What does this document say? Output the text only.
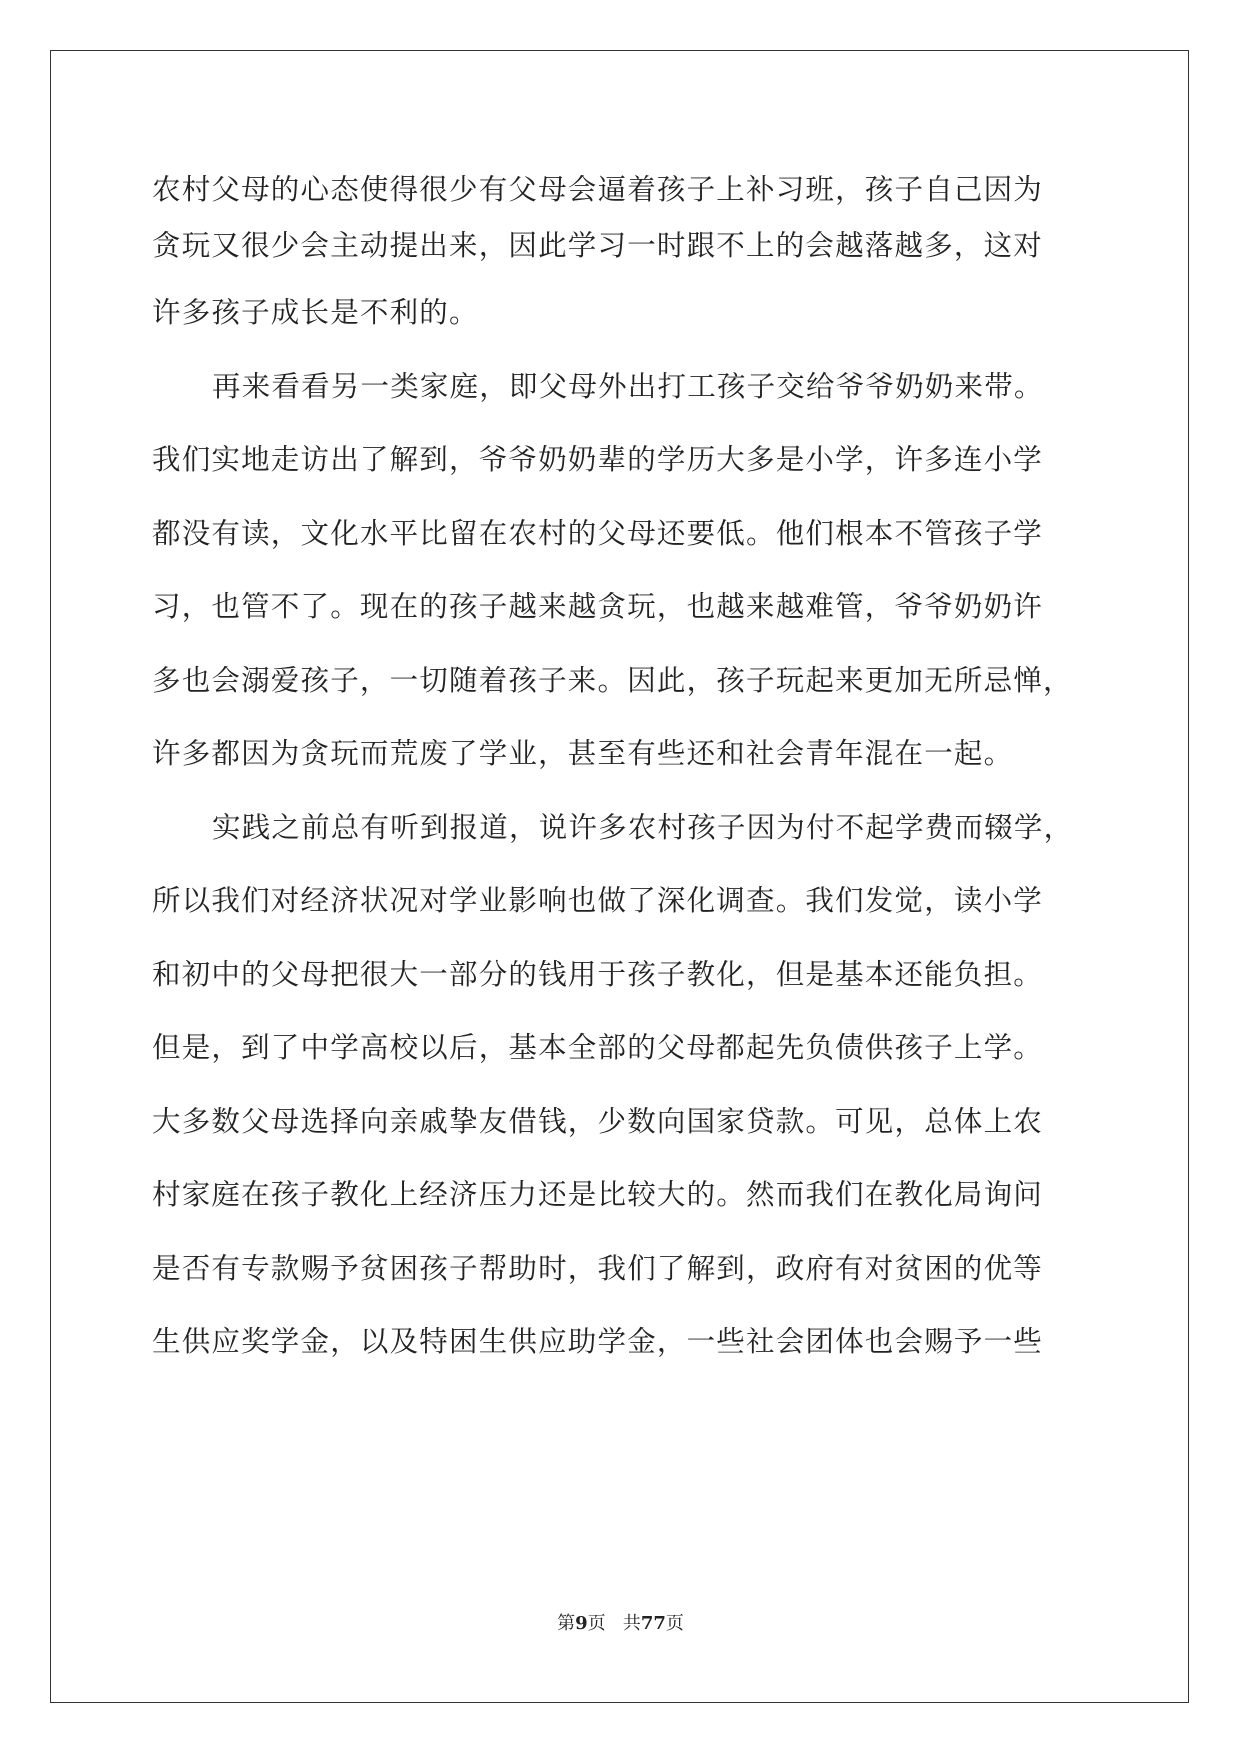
农村父母的心态使得很少有父母会逼着孩子上补习班，孩子自己因为
贪玩又很少会主动提出来，因此学习一时跟不上的会越落越多，这对
许多孩子成长是不利的。
再来看看另一类家庭，即父母外出打工孩子交给爷爷奶奶来带。
我们实地走访出了解到，爷爷奶奶辈的学历大多是小学，许多连小学
都没有读，文化水平比留在农村的父母还要低。他们根本不管孩子学
习，也管不了。现在的孩子越来越贪玩，也越来越难管，爷爷奶奶许
多也会溺爱孩子，一切随着孩子来。因此，孩子玩起来更加无所忌惮，
许多都因为贪玩而荒废了学业，甚至有些还和社会青年混在一起。
实践之前总有听到报道，说许多农村孩子因为付不起学费而辍学，
所以我们对经济状况对学业影响也做了深化调查。我们发觉，读小学
和初中的父母把很大一部分的钱用于孩子教化，但是基本还能负担。
但是，到了中学高校以后，基本全部的父母都起先负债供孩子上学。
大多数父母选择向亲戚挚友借钱，少数向国家贷款。可见，总体上农
村家庭在孩子教化上经济压力还是比较大的。然而我们在教化局询问
是否有专款赐予贫困孩子帮助时，我们了解到，政府有对贫困的优等
生供应奖学金，以及特困生供应助学金，一些社会团体也会赐予一些
第9页 共77页
